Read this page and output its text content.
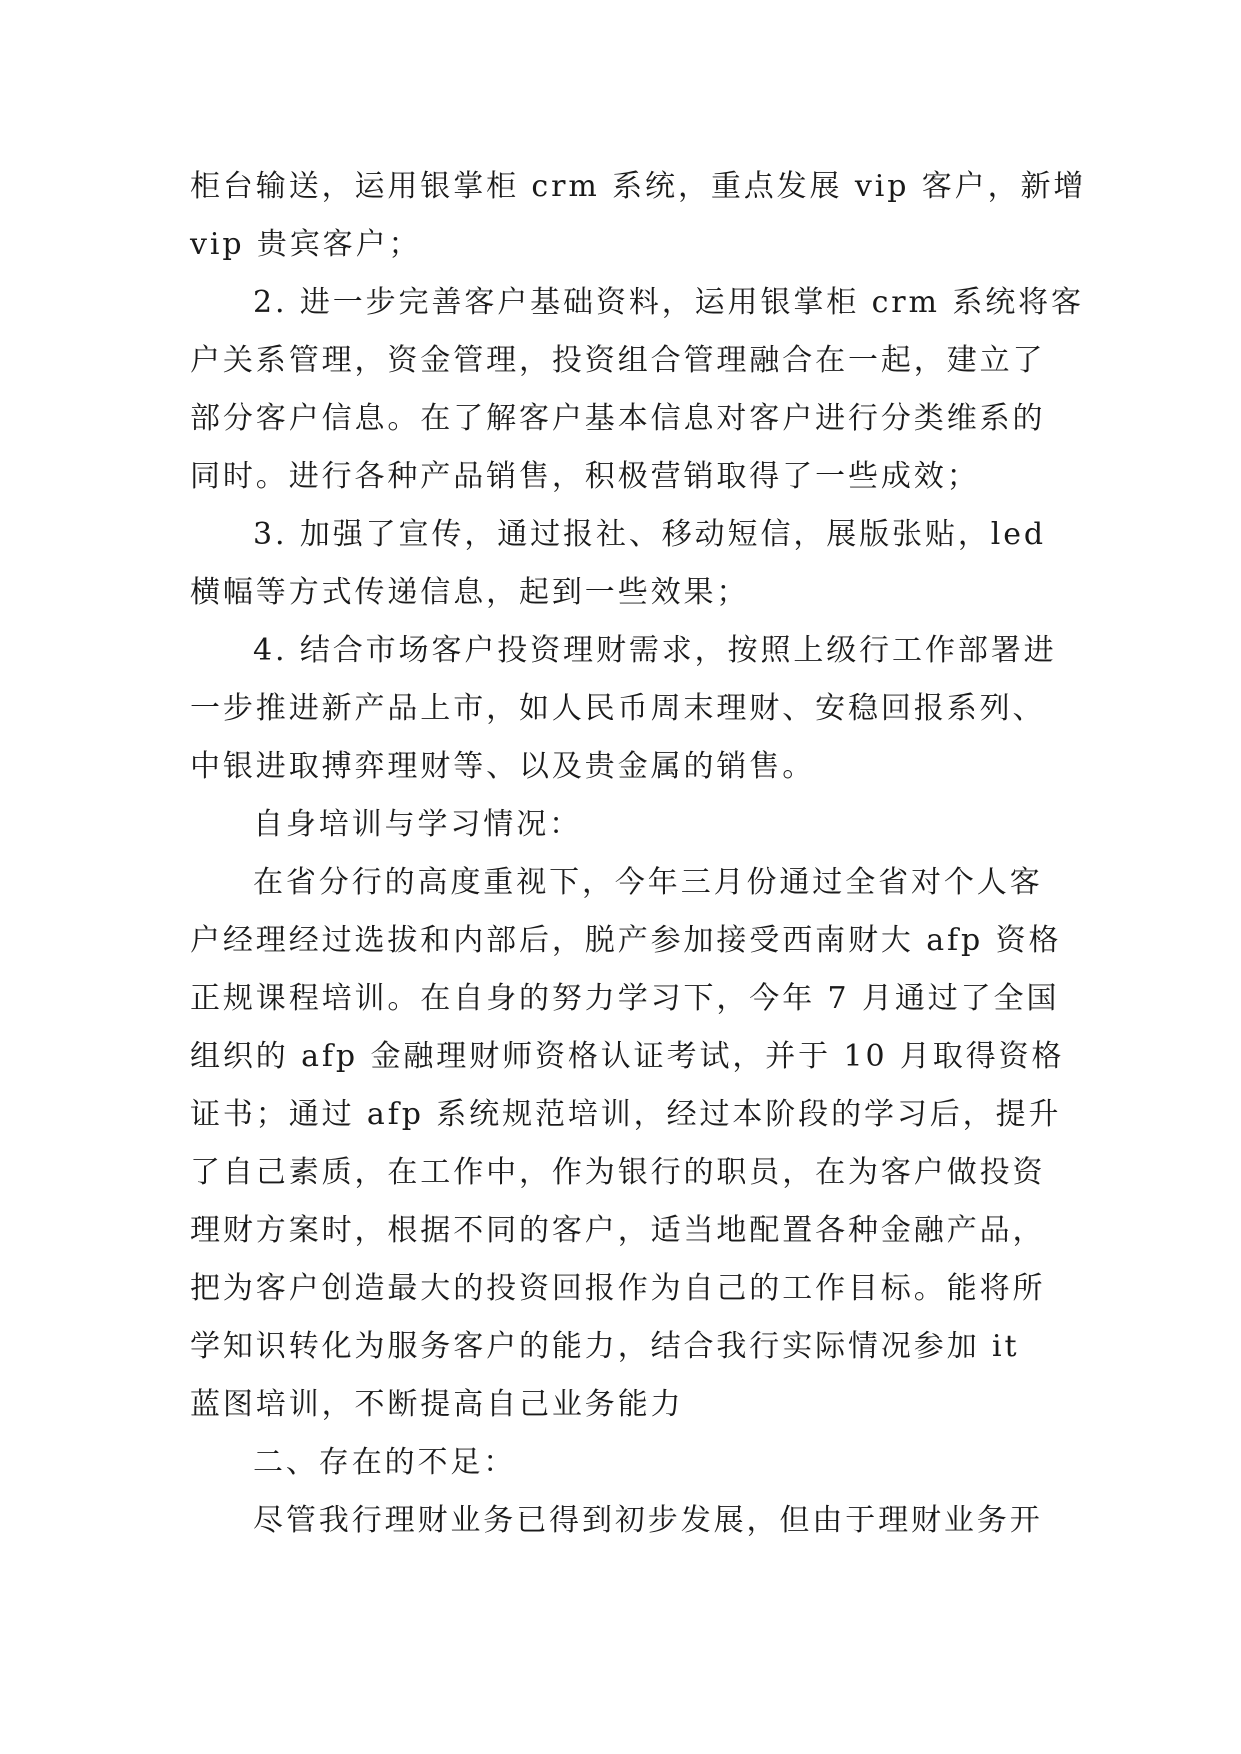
柜台输送，运用银掌柜 crm 系统，重点发展 vip 客户，新增
vip 贵宾客户；
2. 进一步完善客户基础资料，运用银掌柜 crm 系统将客
户关系管理，资金管理，投资组合管理融合在一起，建立了
部分客户信息。在了解客户基本信息对客户进行分类维系的
同时。进行各种产品销售，积极营销取得了一些成效；
3. 加强了宣传，通过报社、移动短信，展版张贴，led
横幅等方式传递信息，起到一些效果；
4. 结合市场客户投资理财需求，按照上级行工作部署进
一步推进新产品上市，如人民币周末理财、安稳回报系列、
中银进取搏弈理财等、以及贵金属的销售。
自身培训与学习情况：
在省分行的高度重视下，今年三月份通过全省对个人客
户经理经过选拔和内部后，脱产参加接受西南财大 afp 资格
正规课程培训。在自身的努力学习下，今年 7 月通过了全国
组织的 afp 金融理财师资格认证考试，并于 10 月取得资格
证书；通过 afp 系统规范培训，经过本阶段的学习后，提升
了自己素质，在工作中，作为银行的职员，在为客户做投资
理财方案时，根据不同的客户，适当地配置各种金融产品，
把为客户创造最大的投资回报作为自己的工作目标。能将所
学知识转化为服务客户的能力，结合我行实际情况参加 it
蓝图培训，不断提高自己业务能力
二、存在的不足：
尽管我行理财业务已得到初步发展，但由于理财业务开
